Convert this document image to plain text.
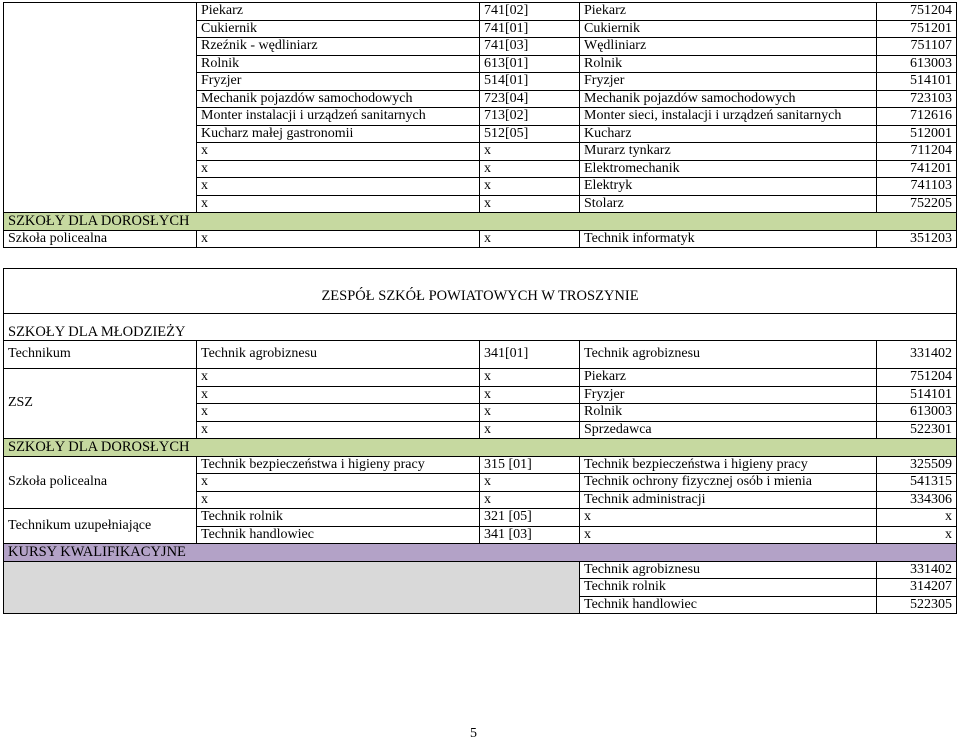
	Piekarz	741[02]	Piekarz	751204
	Cukiernik	741[01]	Cukiernik	751201
	Rzeźnik - wędliniarz	741[03]	Wędliniarz	751107
	Rolnik	613[01]	Rolnik	613003
	Fryzjer	514[01]	Fryzjer	514101
	Mechanik pojazdów samochodowych	723[04]	Mechanik pojazdów samochodowych	723103
	Monter instalacji i urządzeń sanitarnych	713[02]	Monter sieci, instalacji i urządzeń sanitarnych	712616
	Kucharz małej gastronomii	512[05]	Kucharz	512001
	x	x	Murarz tynkarz	711204
	x	x	Elektromechanik	741201
	x	x	Elektryk	741103
	x	x	Stolarz	752205
SZKOŁY DLA DOROSŁYCH				
Szkoła policealna	x	x	Technik informatyk	351203
ZESPÓŁ SZKÓŁ POWIATOWYCH W TROSZYNIE				
SZKOŁY DLA MŁODZIEŻY				
Technikum	Technik agrobiznesu	341[01]	Technik agrobiznesu	331402
ZSZ	x	x	Piekarz	751204
	x	x	Fryzjer	514101
	x	x	Rolnik	613003
	x	x	Sprzedawca	522301
SZKOŁY DLA DOROSŁYCH				
Szkoła policealna	Technik bezpieczeństwa i higieny pracy	315 [01]	Technik bezpieczeństwa i higieny pracy	325509
	x	x	Technik ochrony fizycznej osób i mienia	541315
	x	x	Technik administracji	334306
Technikum uzupełniające	Technik rolnik	321 [05]	x	x
	Technik handlowiec	341 [03]	x	x
KURSY KWALIFIKACYJNE				
			Technik agrobiznesu	331402
			Technik rolnik	314207
			Technik handlowiec	522305
5
